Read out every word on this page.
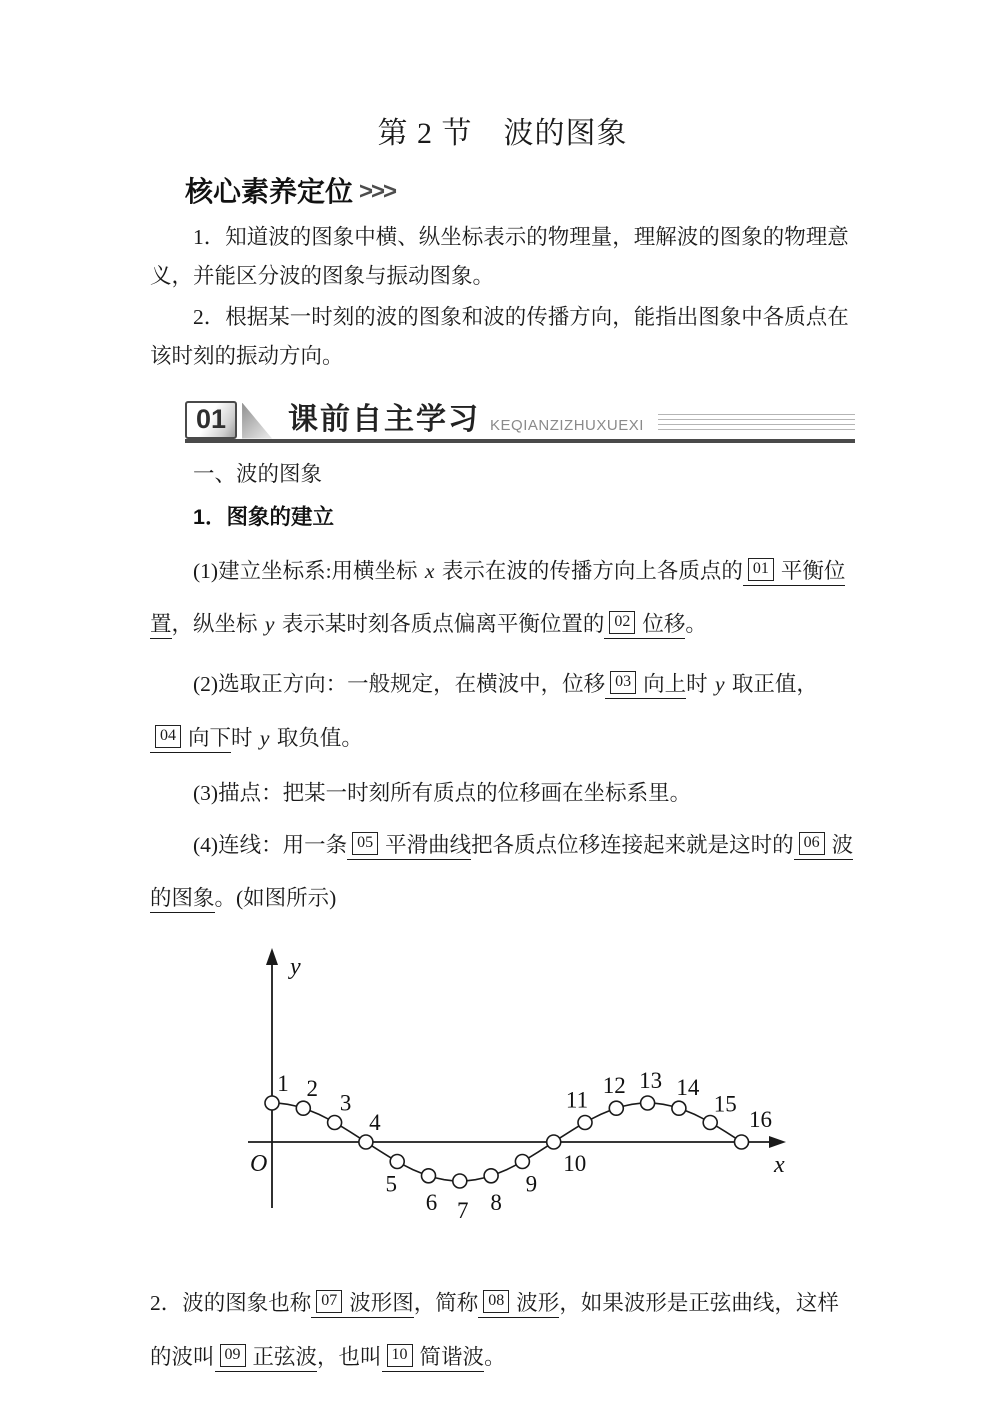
第 2 节　波的图象
核心素养定位 >>>

1．知道波的图象中横、纵坐标表示的物理量，理解波的图象的物理意义，并能区分波的图象与振动图象。

2．根据某一时刻的波的图象和波的传播方向，能指出图象中各质点在该时刻的振动方向。

01	课前自主学习 KEQIANZIZHUXUEXI

一、波的图象

1．图象的建立

(1)建立坐标系:用横坐标 x 表示在波的传播方向上各质点的 01 平衡位置，纵坐标 y 表示某时刻各质点偏离平衡位置的 02 位移。

(2)选取正方向：一般规定，在横波中，位移 03 向上时 y 取正值，04 向下时 y 取负值。

(3)描点：把某一时刻所有质点的位移画在坐标系里。

(4)连线：用一条 05 平滑曲线把各质点位移连接起来就是这时的 06 波的图象。(如图所示)

1 2
3
4
5
6 7 8
9
10
11
12 13 14
15
16
y
x
O

2．波的图象也称 07 波形图，简称 08 波形，如果波形是正弦曲线，这样的波叫 09 正弦波，也叫 10 简谐波。
